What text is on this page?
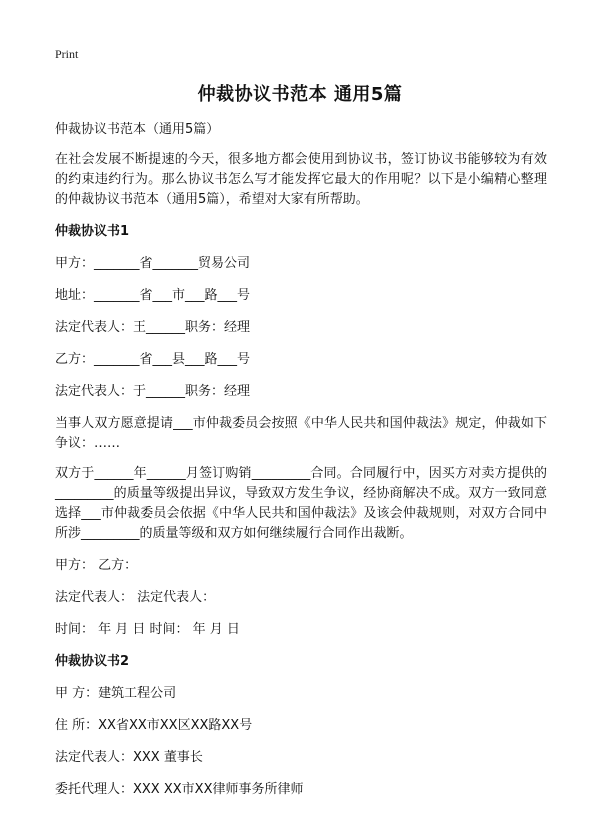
Print
仲裁协议书范本 通用5篇

仲裁协议书范本（通用5篇）

在社会发展不断提速的今天，很多地方都会使用到协议书，签订协议书能够较为有效的约束违约行为。那么协议书怎么写才能发挥它最大的作用呢？以下是小编精心整理的仲裁协议书范本（通用5篇），希望对大家有所帮助。

仲裁协议书1

甲方：_______省_______贸易公司

地址：_______省___市___路___号

法定代表人：王______职务：经理

乙方：_______省___县___路___号

法定代表人：于______职务：经理

当事人双方愿意提请___市仲裁委员会按照《中华人民共和国仲裁法》规定，仲裁如下争议：……

双方于______年______月签订购销_________合同。合同履行中，因买方对卖方提供的_________的质量等级提出异议，导致双方发生争议，经协商解决不成。双方一致同意选择___市仲裁委员会依据《中华人民共和国仲裁法》及该会仲裁规则，对双方合同中所涉_________的质量等级和双方如何继续履行合同作出裁断。

甲方： 乙方：

法定代表人： 法定代表人：

时间： 年 月 日 时间： 年 月 日

仲裁协议书2

甲 方：建筑工程公司

住 所：XX省XX市XX区XX路XX号

法定代表人：XXX 董事长

委托代理人：XXX XX市XX律师事务所律师
